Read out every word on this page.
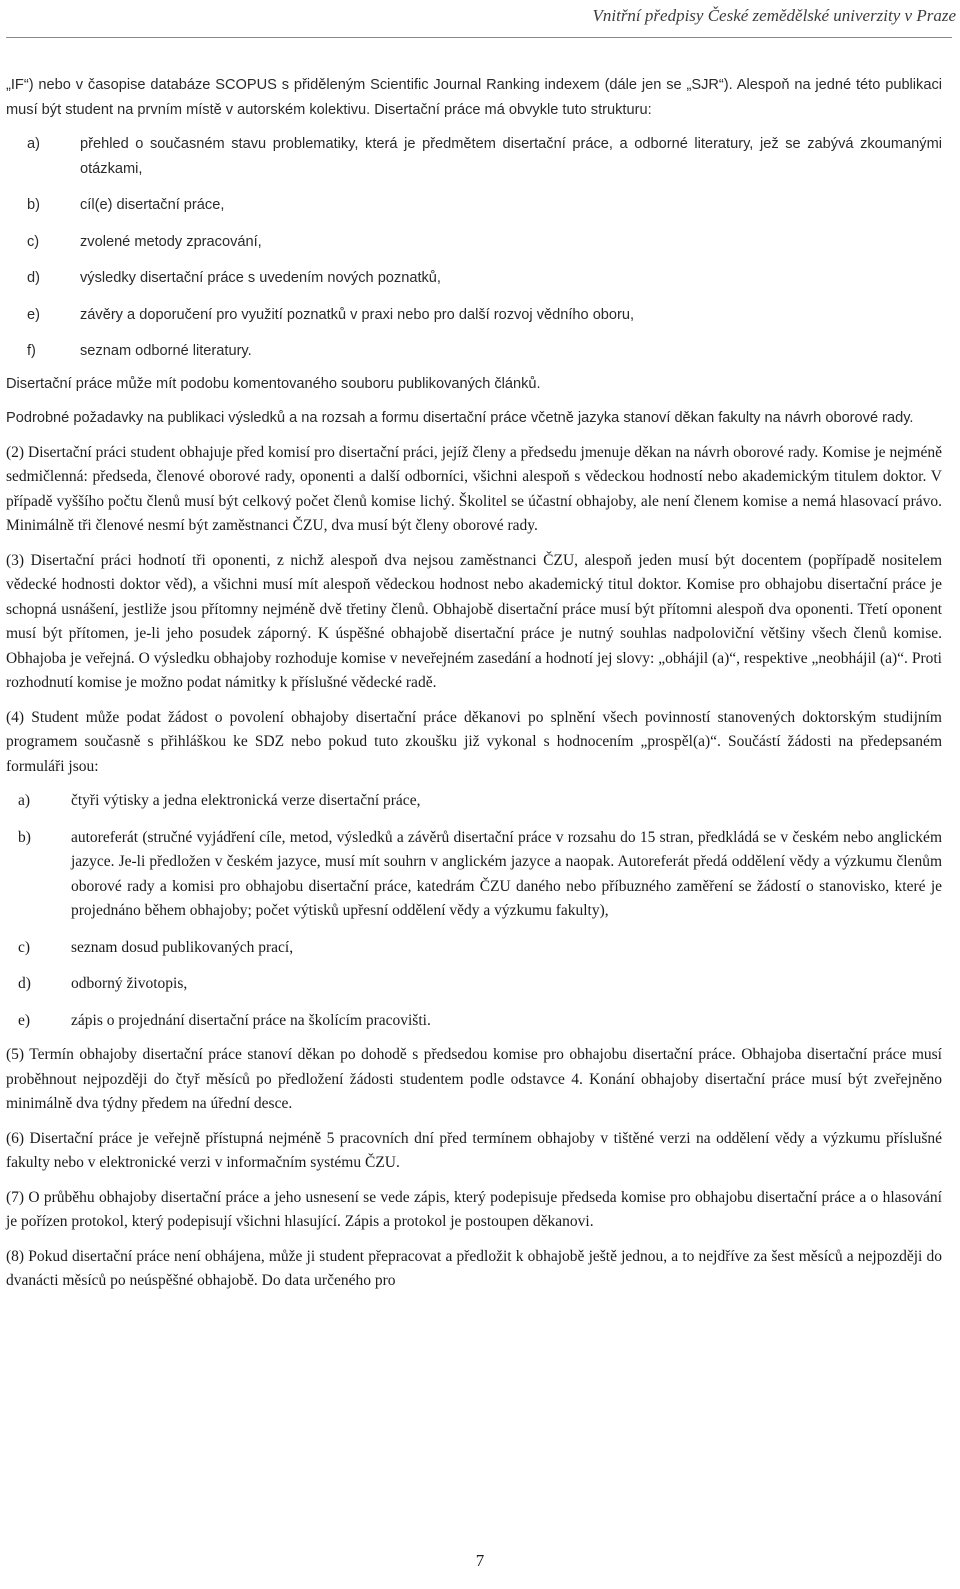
Vnitřní předpisy České zemědělské univerzity v Praze

„IF“) nebo v časopise databáze SCOPUS s přiděleným Scientific Journal Ranking indexem (dále jen se „SJR“). Alespoň na jedné této publikaci musí být student na prvním místě v autorském kolektivu. Disertační práce má obvykle tuto strukturu:

a)	přehled o současném stavu problematiky, která je předmětem disertační práce, a odborné literatury, jež se zabývá zkoumanými otázkami,
b)	cíl(e) disertační práce,
c)	zvolené metody zpracování,
d)	výsledky disertační práce s uvedením nových poznatků,
e)	závěry a doporučení pro využití poznatků v praxi nebo pro další rozvoj vědního oboru,
f)	seznam odborné literatury.

Disertační práce může mít podobu komentovaného souboru publikovaných článků.

Podrobné požadavky na publikaci výsledků a na rozsah a formu disertační práce včetně jazyka stanoví děkan fakulty na návrh oborové rady.

(2) Disertační práci student obhajuje před komisí pro disertační práci, jejíž členy a předsedu jmenuje děkan na návrh oborové rady. Komise je nejméně sedmičlenná: předseda, členové oborové rady, oponenti a další odborníci, všichni alespoň s vědeckou hodností nebo akademickým titulem doktor. V případě vyššího počtu členů musí být celkový počet členů komise lichý. Školitel se účastní obhajoby, ale není členem komise a nemá hlasovací právo. Minimálně tři členové nesmí být zaměstnanci ČZU, dva musí být členy oborové rady.

(3) Disertační práci hodnotí tři oponenti, z nichž alespoň dva nejsou zaměstnanci ČZU, alespoň jeden musí být docentem (popřípadě nositelem vědecké hodnosti doktor věd), a všichni musí mít alespoň vědeckou hodnost nebo akademický titul doktor. Komise pro obhajobu disertační práce je schopná usnášení, jestliže jsou přítomny nejméně dvě třetiny členů. Obhajobě disertační práce musí být přítomni alespoň dva oponenti. Třetí oponent musí být přítomen, je-li jeho posudek záporný. K úspěšné obhajobě disertační práce je nutný souhlas nadpoloviční většiny všech členů komise. Obhajoba je veřejná. O výsledku obhajoby rozhoduje komise v neveřejném zasedání a hodnotí jej slovy: „obhájil (a)“, respektive „neobhájil (a)“. Proti rozhodnutí komise je možno podat námitky k příslušné vědecké radě.

(4) Student může podat žádost o povolení obhajoby disertační práce děkanovi po splnění všech povinností stanovených doktorským studijním programem současně s přihláškou ke SDZ nebo pokud tuto zkoušku již vykonal s hodnocením „prospěl(a)“. Součástí žádosti na předepsaném formuláři jsou:

a)	čtyři výtisky a jedna elektronická verze disertační práce,
b)	autoreferát (stručné vyjádření cíle, metod, výsledků a závěrů disertační práce v rozsahu do 15 stran, předkládá se v českém nebo anglickém jazyce. Je-li předložen v českém jazyce, musí mít souhrn v anglickém jazyce a naopak. Autoreferát předá oddělení vědy a výzkumu členům oborové rady a komisi pro obhajobu disertační práce, katedrám ČZU daného nebo příbuzného zaměření se žádostí o stanovisko, které je projednáno během obhajoby; počet výtisků upřesní oddělení vědy a výzkumu fakulty),
c)	seznam dosud publikovaných prací,
d)	odborný životopis,
e)	zápis o projednání disertační práce na školícím pracovišti.

(5) Termín obhajoby disertační práce stanoví děkan po dohodě s předsedou komise pro obhajobu disertační práce. Obhajoba disertační práce musí proběhnout nejpozději do čtyř měsíců po předložení žádosti studentem podle odstavce 4. Konání obhajoby disertační práce musí být zveřejněno minimálně dva týdny předem na úřední desce.

(6) Disertační práce je veřejně přístupná nejméně 5 pracovních dní před termínem obhajoby v tištěné verzi na oddělení vědy a výzkumu příslušné fakulty nebo v elektronické verzi v informačním systému ČZU.

(7) O průběhu obhajoby disertační práce a jeho usnesení se vede zápis, který podepisuje předseda komise pro obhajobu disertační práce a o hlasování je pořízen protokol, který podepisují všichni hlasující. Zápis a protokol je postoupen děkanovi.

(8) Pokud disertační práce není obhájena, může ji student přepracovat a předložit k obhajobě ještě jednou, a to nejdříve za šest měsíců a nejpozději do dvanácti měsíců po neúspěšné obhajobě. Do data určeného pro

7
